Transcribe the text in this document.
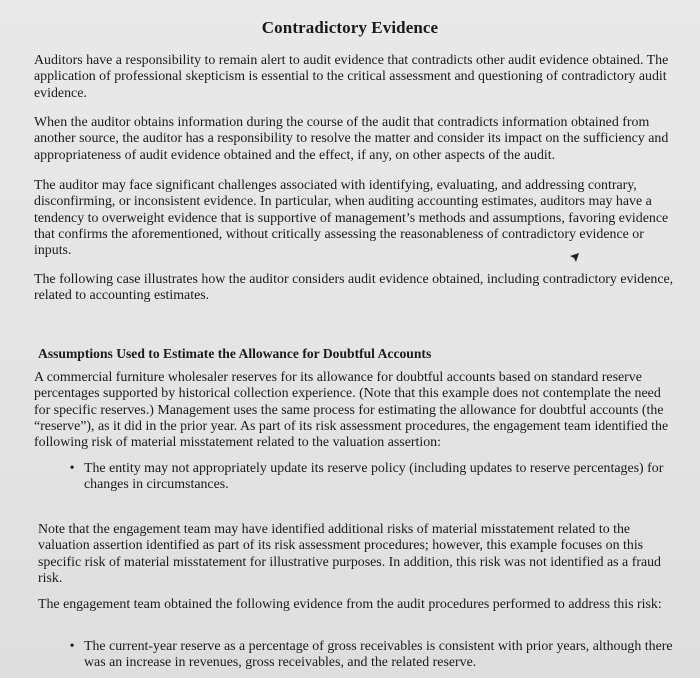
Contradictory Evidence

Auditors have a responsibility to remain alert to audit evidence that contradicts other audit evidence obtained. The application of professional skepticism is essential to the critical assessment and questioning of contradictory audit evidence.

When the auditor obtains information during the course of the audit that contradicts information obtained from another source, the auditor has a responsibility to resolve the matter and consider its impact on the sufficiency and appropriateness of audit evidence obtained and the effect, if any, on other aspects of the audit.

The auditor may face significant challenges associated with identifying, evaluating, and addressing contrary, disconfirming, or inconsistent evidence. In particular, when auditing accounting estimates, auditors may have a tendency to overweight evidence that is supportive of management’s methods and assumptions, favoring evidence that confirms the aforementioned, without critically assessing the reasonableness of contradictory evidence or inputs.

The following case illustrates how the auditor considers audit evidence obtained, including contradictory evidence, related to accounting estimates.

Assumptions Used to Estimate the Allowance for Doubtful Accounts

A commercial furniture wholesaler reserves for its allowance for doubtful accounts based on standard reserve percentages supported by historical collection experience. (Note that this example does not contemplate the need for specific reserves.) Management uses the same process for estimating the allowance for doubtful accounts (the “reserve”), as it did in the prior year. As part of its risk assessment procedures, the engagement team identified the following risk of material misstatement related to the valuation assertion:

• The entity may not appropriately update its reserve policy (including updates to reserve percentages) for changes in circumstances.

Note that the engagement team may have identified additional risks of material misstatement related to the valuation assertion identified as part of its risk assessment procedures; however, this example focuses on this specific risk of material misstatement for illustrative purposes. In addition, this risk was not identified as a fraud risk.

The engagement team obtained the following evidence from the audit procedures performed to address this risk:

• The current-year reserve as a percentage of gross receivables is consistent with prior years, although there was an increase in revenues, gross receivables, and the related reserve.
